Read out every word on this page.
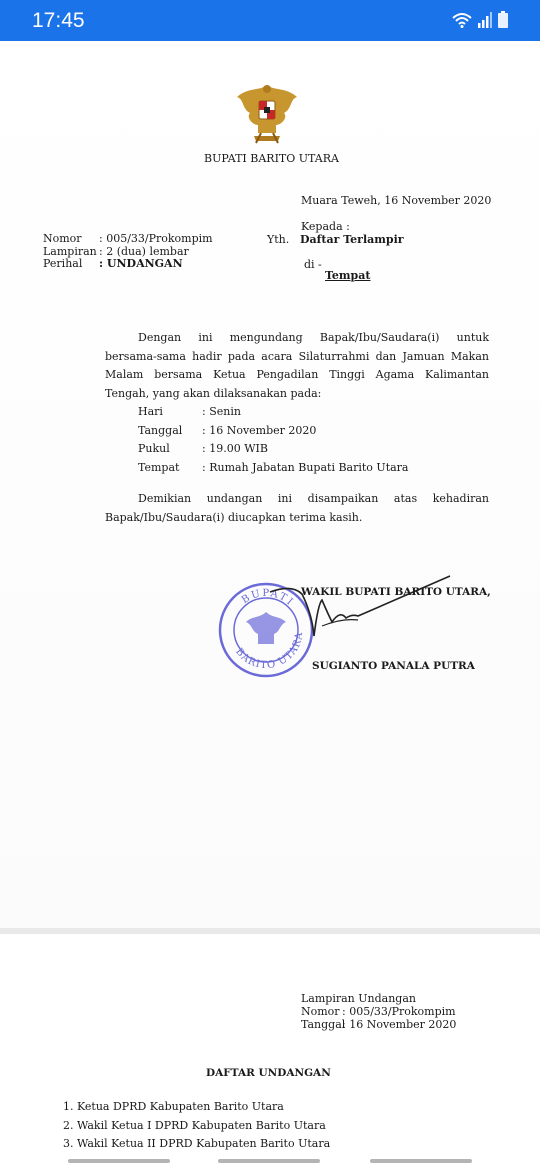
17:45
BUPATI BARITO UTARA
Muara Teweh, 16 November 2020
Kepada :
Nomor : 005/33/Prokompim
Lampiran : 2 (dua) lembar
Perihal : UNDANGAN
Yth. Daftar Terlampir
di -
Tempat
Dengan ini mengundang Bapak/Ibu/Saudara(i) untuk bersama-sama hadir pada acara Silaturrahmi dan Jamuan Makan Malam bersama Ketua Pengadilan Tinggi Agama Kalimantan Tengah, yang akan dilaksanakan pada:
Hari	: Senin
Tanggal : 16 November 2020
Pukul	: 19.00 WIB
Tempat : Rumah Jabatan Bupati Barito Utara
Demikian undangan ini disampaikan atas kehadiran Bapak/Ibu/Saudara(i) diucapkan terima kasih.
WAKIL BUPATI BARITO UTARA,
BUPATI
BARITO UTARA
SUGIANTO PANALA PUTRA
Lampiran Undangan
Nomor : 005/33/Prokompim
Tanggal
: 16 November 2020
DAFTAR UNDANGAN
1. Ketua DPRD Kabupaten Barito Utara
2. Wakil Ketua I DPRD Kabupaten Barito Utara
3. Wakil Ketua II DPRD Kabupaten Barito Utara
